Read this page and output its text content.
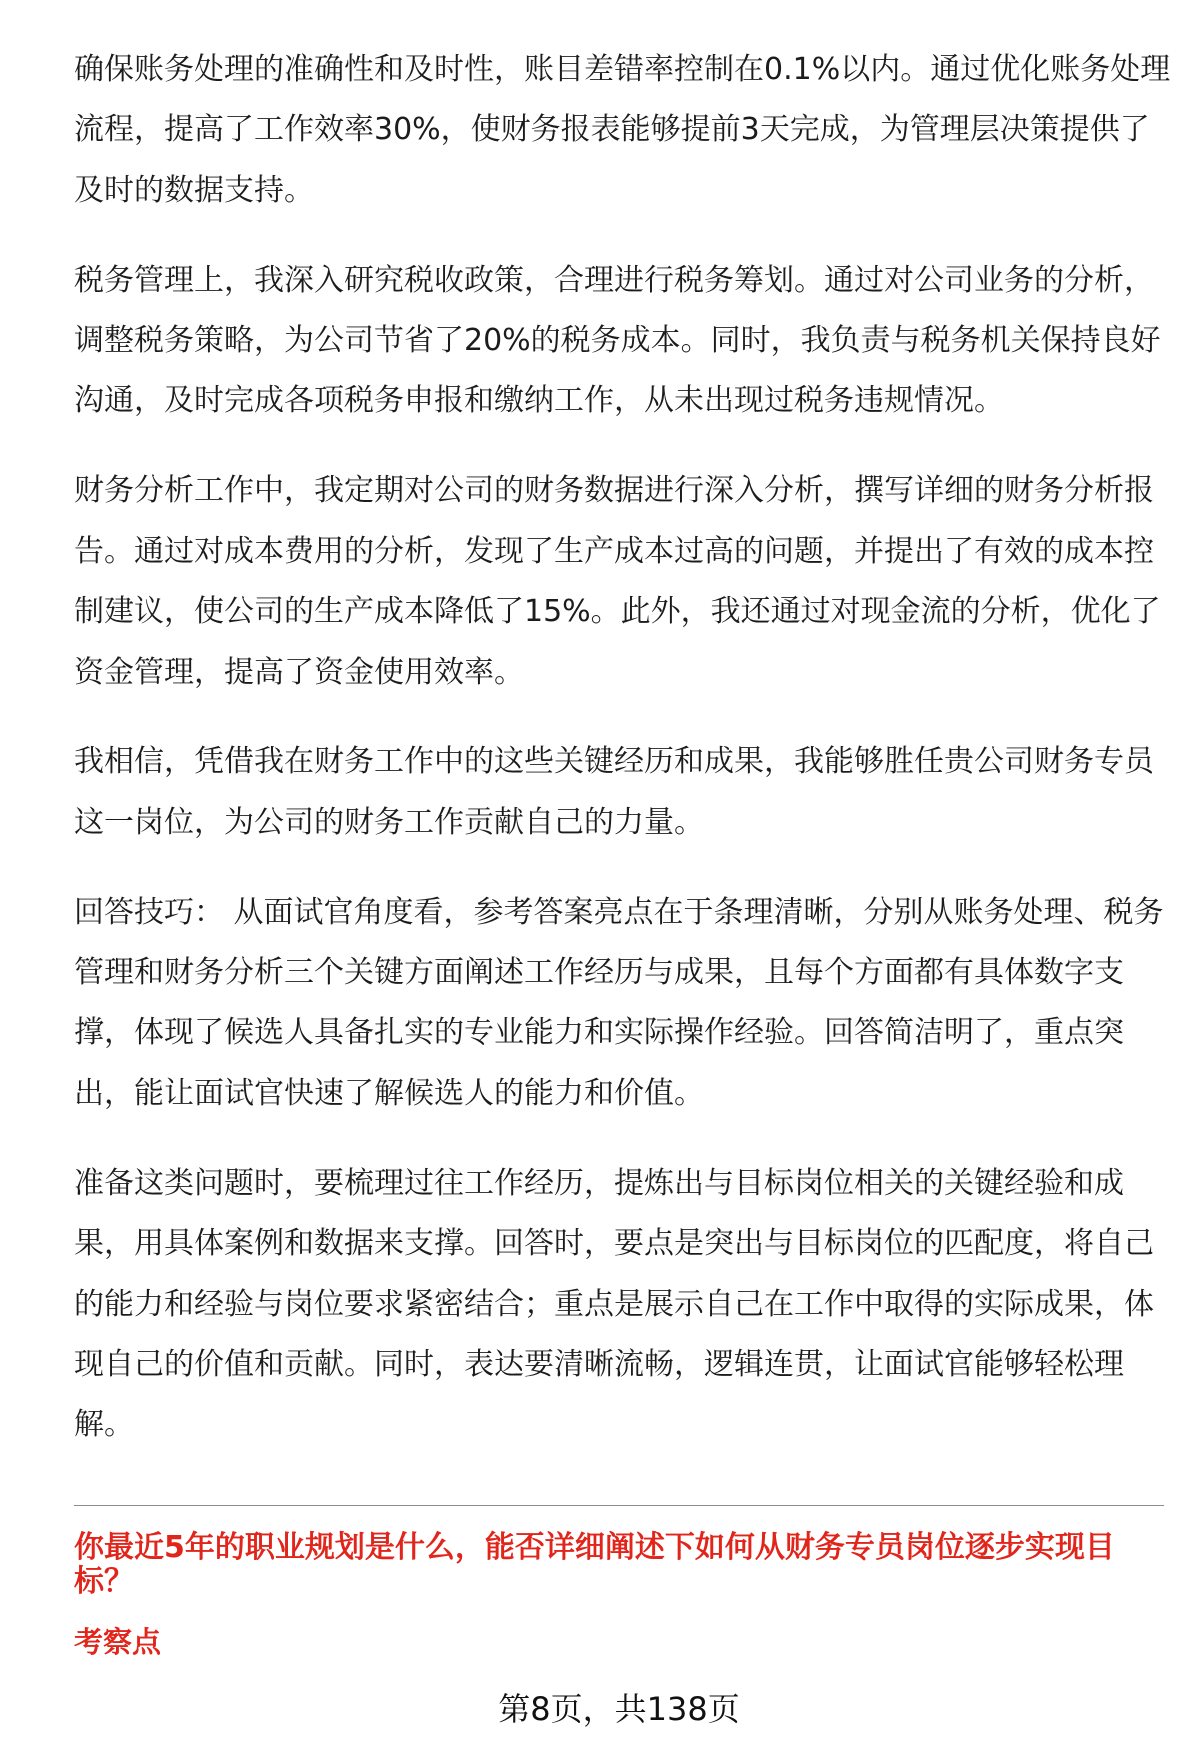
确保账务处理的准确性和及时性，账目差错率控制在0.1%以内。通过优化账务处理
流程，提高了工作效率30%，使财务报表能够提前3天完成，为管理层决策提供了
及时的数据支持。
税务管理上，我深入研究税收政策，合理进行税务筹划。通过对公司业务的分析，
调整税务策略，为公司节省了20%的税务成本。同时，我负责与税务机关保持良好
沟通，及时完成各项税务申报和缴纳工作，从未出现过税务违规情况。
财务分析工作中，我定期对公司的财务数据进行深入分析，撰写详细的财务分析报
告。通过对成本费用的分析，发现了生产成本过高的问题，并提出了有效的成本控
制建议，使公司的生产成本降低了15%。此外，我还通过对现金流的分析，优化了
资金管理，提高了资金使用效率。
我相信，凭借我在财务工作中的这些关键经历和成果，我能够胜任贵公司财务专员
这一岗位，为公司的财务工作贡献自己的力量。
回答技巧： 从面试官角度看，参考答案亮点在于条理清晰，分别从账务处理、税务
管理和财务分析三个关键方面阐述工作经历与成果，且每个方面都有具体数字支
撑，体现了候选人具备扎实的专业能力和实际操作经验。回答简洁明了，重点突
出，能让面试官快速了解候选人的能力和价值。
准备这类问题时，要梳理过往工作经历，提炼出与目标岗位相关的关键经验和成
果，用具体案例和数据来支撑。回答时，要点是突出与目标岗位的匹配度，将自己
的能力和经验与岗位要求紧密结合；重点是展示自己在工作中取得的实际成果，体
现自己的价值和贡献。同时，表达要清晰流畅，逻辑连贯，让面试官能够轻松理
解。
你最近5年的职业规划是什么，能否详细阐述下如何从财务专员岗位逐步实现目
标？
考察点
第8页，共138页
